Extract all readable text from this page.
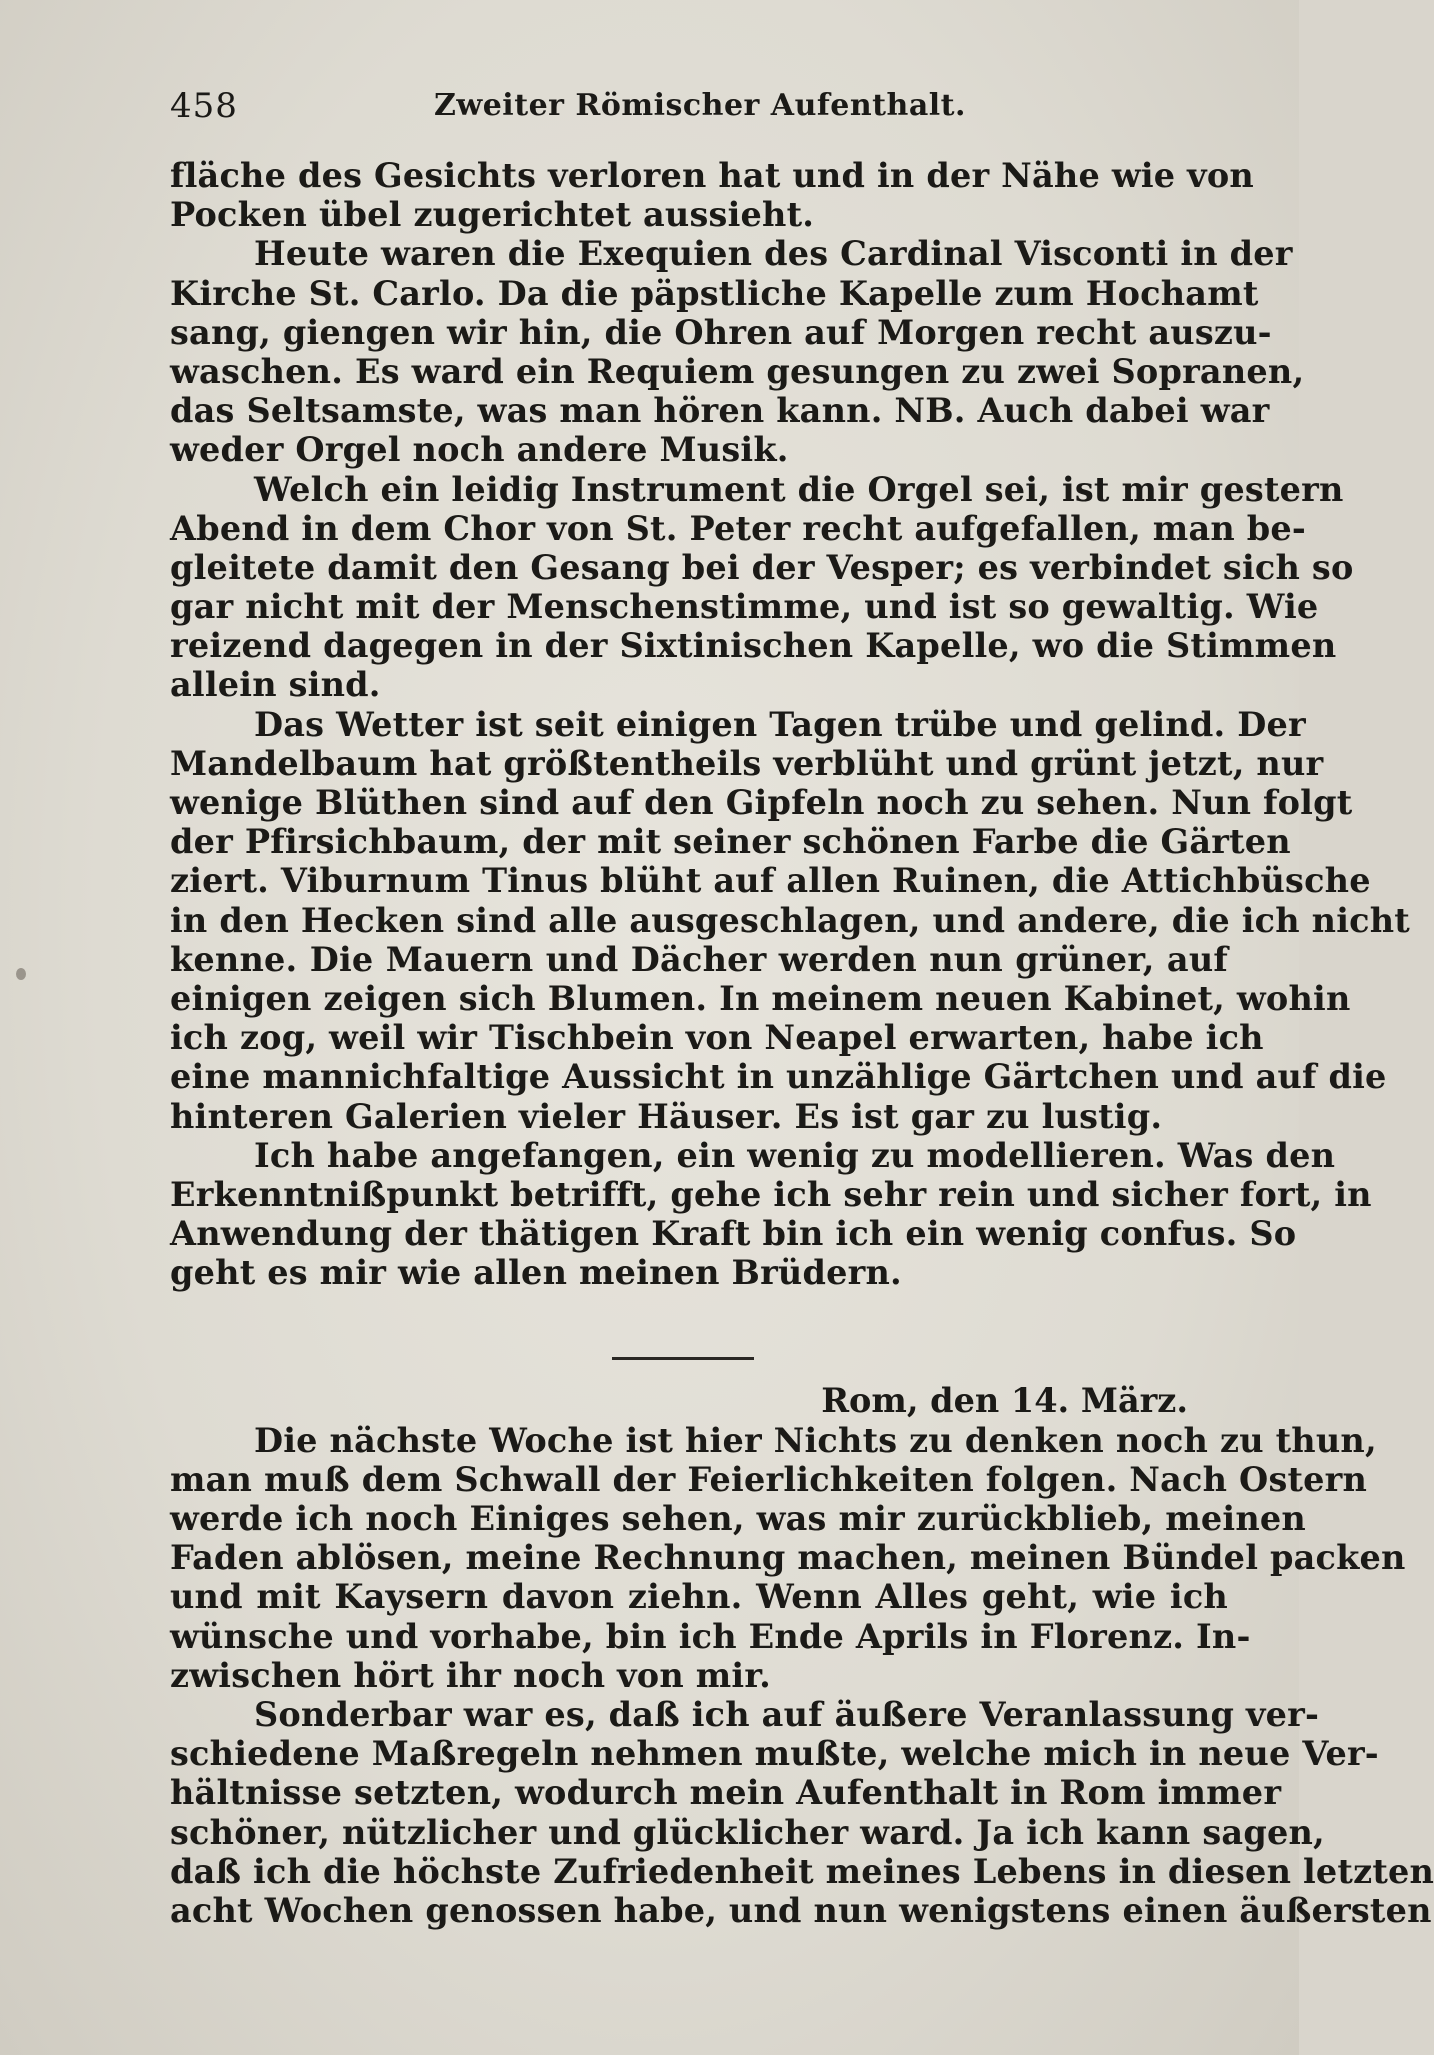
458	Zweiter Römischer Aufenthalt.
fläche des Gesichts verloren hat und in der Nähe wie von
Pocken übel zugerichtet aussieht.
Heute waren die Exequien des Cardinal Visconti in der
Kirche St. Carlo. Da die päpstliche Kapelle zum Hochamt
sang, giengen wir hin, die Ohren auf Morgen recht auszu-
waschen. Es ward ein Requiem gesungen zu zwei Sopranen,
das Seltsamste, was man hören kann. NB. Auch dabei war
weder Orgel noch andere Musik.
Welch ein leidig Instrument die Orgel sei, ist mir gestern
Abend in dem Chor von St. Peter recht aufgefallen, man be-
gleitete damit den Gesang bei der Vesper; es verbindet sich so
gar nicht mit der Menschenstimme, und ist so gewaltig. Wie
reizend dagegen in der Sixtinischen Kapelle, wo die Stimmen
allein sind.
Das Wetter ist seit einigen Tagen trübe und gelind. Der
Mandelbaum hat größtentheils verblüht und grünt jetzt, nur
wenige Blüthen sind auf den Gipfeln noch zu sehen. Nun folgt
der Pfirsichbaum, der mit seiner schönen Farbe die Gärten
ziert. Viburnum Tinus blüht auf allen Ruinen, die Attichbüsche
in den Hecken sind alle ausgeschlagen, und andere, die ich nicht
kenne. Die Mauern und Dächer werden nun grüner, auf
einigen zeigen sich Blumen. In meinem neuen Kabinet, wohin
ich zog, weil wir Tischbein von Neapel erwarten, habe ich
eine mannichfaltige Aussicht in unzählige Gärtchen und auf die
hinteren Galerien vieler Häuser. Es ist gar zu lustig.
Ich habe angefangen, ein wenig zu modellieren. Was den
Erkenntnißpunkt betrifft, gehe ich sehr rein und sicher fort, in
Anwendung der thätigen Kraft bin ich ein wenig confus. So
geht es mir wie allen meinen Brüdern.
Rom, den 14. März.
Die nächste Woche ist hier Nichts zu denken noch zu thun,
man muß dem Schwall der Feierlichkeiten folgen. Nach Ostern
werde ich noch Einiges sehen, was mir zurückblieb, meinen
Faden ablösen, meine Rechnung machen, meinen Bündel packen
und mit Kaysern davon ziehn. Wenn Alles geht, wie ich
wünsche und vorhabe, bin ich Ende Aprils in Florenz. In-
zwischen hört ihr noch von mir.
Sonderbar war es, daß ich auf äußere Veranlassung ver-
schiedene Maßregeln nehmen mußte, welche mich in neue Ver-
hältnisse setzten, wodurch mein Aufenthalt in Rom immer
schöner, nützlicher und glücklicher ward. Ja ich kann sagen,
daß ich die höchste Zufriedenheit meines Lebens in diesen letzten
acht Wochen genossen habe, und nun wenigstens einen äußersten
